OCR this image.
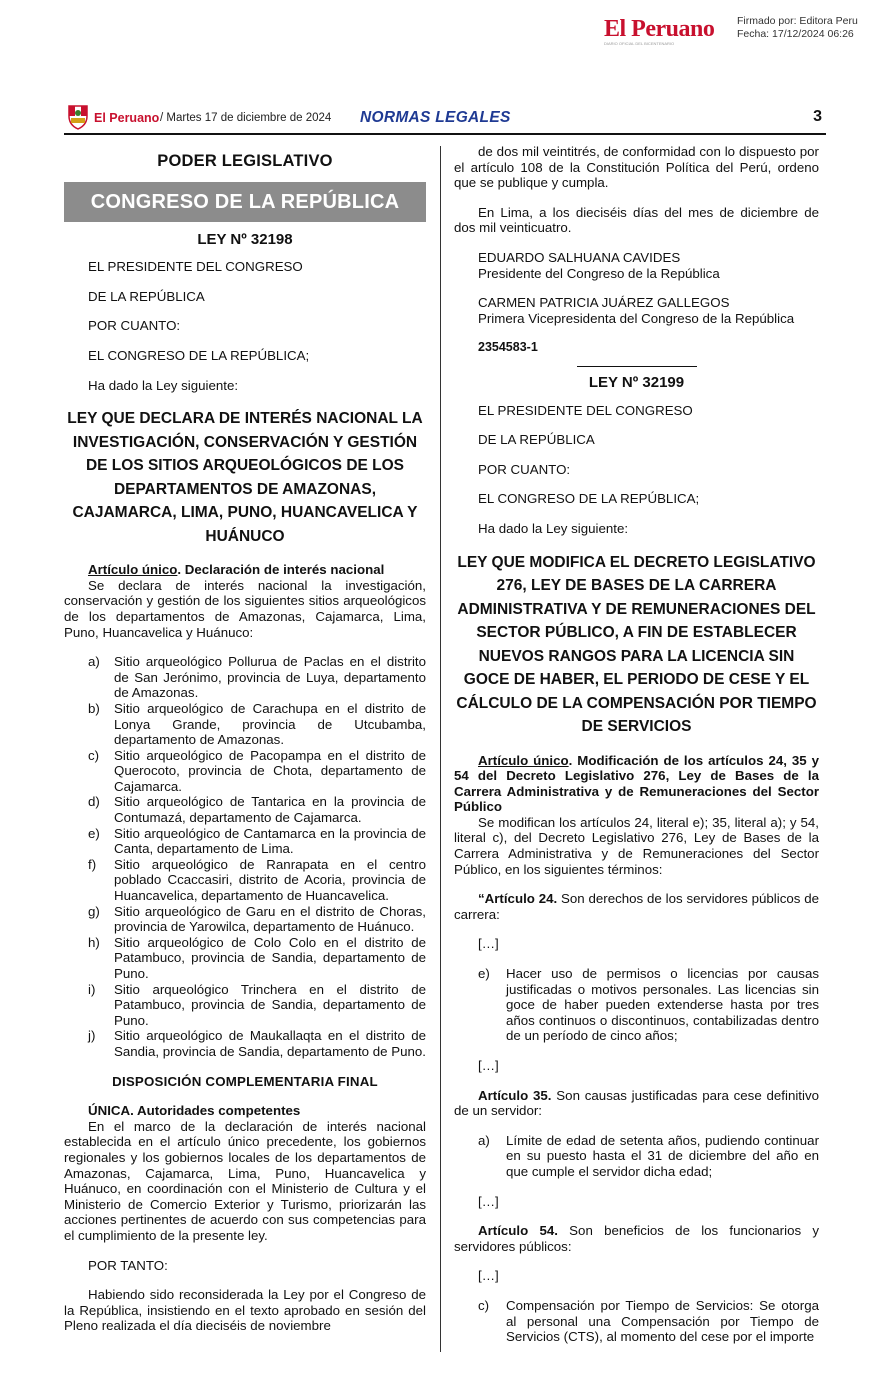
El Peruano
DIARIO OFICIAL DEL BICENTENARIO
Firmado por: Editora Peru
Fecha: 17/12/2024 06:26
El Peruano / Martes 17 de diciembre de 2024 NORMAS LEGALES	3
PODER LEGISLATIVO
CONGRESO DE LA REPÚBLICA
LEY Nº 32198

EL PRESIDENTE DEL CONGRESO

DE LA REPÚBLICA

POR CUANTO:

EL CONGRESO DE LA REPÚBLICA;

Ha dado la Ley siguiente:

LEY QUE DECLARA DE INTERÉS NACIONAL LA INVESTIGACIÓN, CONSERVACIÓN Y GESTIÓN DE LOS SITIOS ARQUEOLÓGICOS DE LOS DEPARTAMENTOS DE AMAZONAS, CAJAMARCA, LIMA, PUNO, HUANCAVELICA Y HUÁNUCO

Artículo único. Declaración de interés nacional

Se declara de interés nacional la investigación, conservación y gestión de los siguientes sitios arqueológicos de los departamentos de Amazonas, Cajamarca, Lima, Puno, Huancavelica y Huánuco:

a)	Sitio arqueológico Pollurua de Paclas en el distrito de San Jerónimo, provincia de Luya, departamento de Amazonas.
b)	Sitio arqueológico de Carachupa en el distrito de Lonya Grande, provincia de Utcubamba, departamento de Amazonas.
c)	Sitio arqueológico de Pacopampa en el distrito de Querocoto, provincia de Chota, departamento de Cajamarca.
d)	Sitio arqueológico de Tantarica en la provincia de Contumazá, departamento de Cajamarca.
e)	Sitio arqueológico de Cantamarca en la provincia de Canta, departamento de Lima.
f)	Sitio arqueológico de Ranrapata en el centro poblado Ccaccasiri, distrito de Acoria, provincia de Huancavelica, departamento de Huancavelica.
g)	Sitio arqueológico de Garu en el distrito de Choras, provincia de Yarowilca, departamento de Huánuco.
h)	Sitio arqueológico de Colo Colo en el distrito de Patambuco, provincia de Sandia, departamento de Puno.
i)	Sitio arqueológico Trinchera en el distrito de Patambuco, provincia de Sandia, departamento de Puno.
j)	Sitio arqueológico de Maukallaqta en el distrito de Sandia, provincia de Sandia, departamento de Puno.
DISPOSICIÓN COMPLEMENTARIA FINAL

ÚNICA. Autoridades competentes

En el marco de la declaración de interés nacional establecida en el artículo único precedente, los gobiernos regionales y los gobiernos locales de los departamentos de Amazonas, Cajamarca, Lima, Puno, Huancavelica y Huánuco, en coordinación con el Ministerio de Cultura y el Ministerio de Comercio Exterior y Turismo, priorizarán las acciones pertinentes de acuerdo con sus competencias para el cumplimiento de la presente ley.

POR TANTO:

Habiendo sido reconsiderada la Ley por el Congreso de la República, insistiendo en el texto aprobado en sesión del Pleno realizada el día dieciséis de noviembre

de dos mil veintitrés, de conformidad con lo dispuesto por el artículo 108 de la Constitución Política del Perú, ordeno que se publique y cumpla.

En Lima, a los dieciséis días del mes de diciembre de dos mil veinticuatro.

EDUARDO SALHUANA CAVIDES
Presidente del Congreso de la República
CARMEN PATRICIA JUÁREZ GALLEGOS
Primera Vicepresidenta del Congreso de la República
2354583-1
LEY Nº 32199

EL PRESIDENTE DEL CONGRESO

DE LA REPÚBLICA

POR CUANTO:

EL CONGRESO DE LA REPÚBLICA;

Ha dado la Ley siguiente:

LEY QUE MODIFICA EL DECRETO LEGISLATIVO 276, LEY DE BASES DE LA CARRERA ADMINISTRATIVA Y DE REMUNERACIONES DEL SECTOR PÚBLICO, A FIN DE ESTABLECER NUEVOS RANGOS PARA LA LICENCIA SIN GOCE DE HABER, EL PERIODO DE CESE Y EL CÁLCULO DE LA COMPENSACIÓN POR TIEMPO DE SERVICIOS

Artículo único. Modificación de los artículos 24, 35 y 54 del Decreto Legislativo 276, Ley de Bases de la Carrera Administrativa y de Remuneraciones del Sector Público

Se modifican los artículos 24, literal e); 35, literal a); y 54, literal c), del Decreto Legislativo 276, Ley de Bases de la Carrera Administrativa y de Remuneraciones del Sector Público, en los siguientes términos:

“Artículo 24. Son derechos de los servidores públicos de carrera:

[…]

e)	Hacer uso de permisos o licencias por causas justificadas o motivos personales. Las licencias sin goce de haber pueden extenderse hasta por tres años continuos o discontinuos, contabilizadas dentro de un período de cinco años;

[…]

Artículo 35. Son causas justificadas para cese definitivo de un servidor:

a)	Límite de edad de setenta años, pudiendo continuar en su puesto hasta el 31 de diciembre del año en que cumple el servidor dicha edad;

[…]

Artículo 54. Son beneficios de los funcionarios y servidores públicos:

[…]

c)	Compensación por Tiempo de Servicios: Se otorga al personal una Compensación por Tiempo de Servicios (CTS), al momento del cese por el importe
